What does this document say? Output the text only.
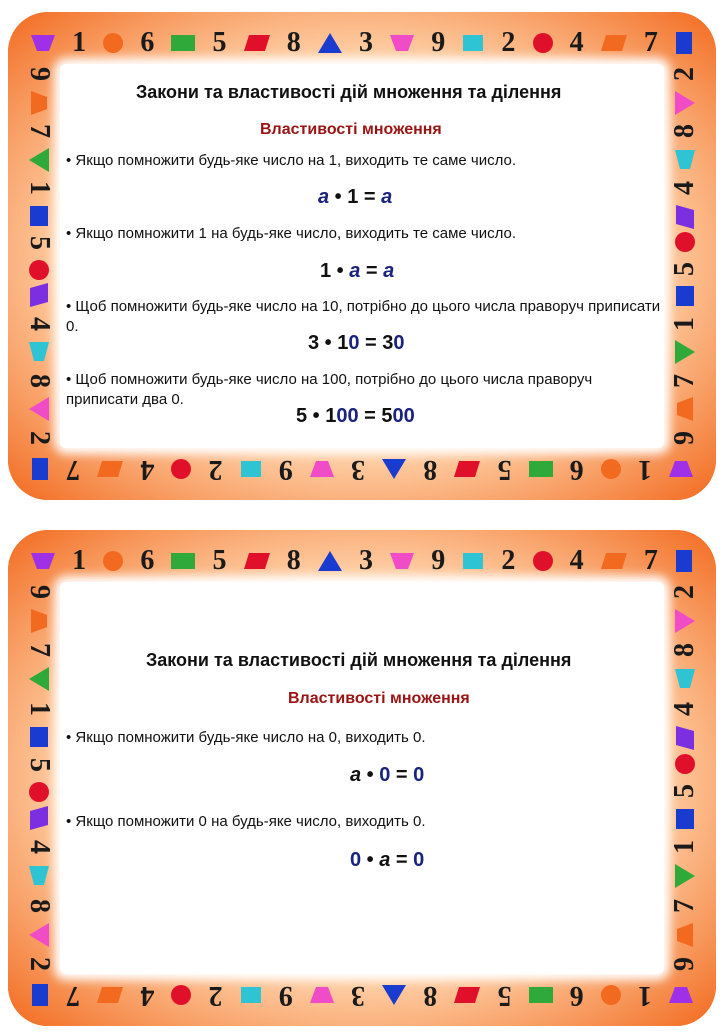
1 6 5 8 3 9 2 4 7
9
7
1
5
4
8
2
2
8
4
5
1
7
9
1
6
5
8
3
9
2
4
7
Закони та властивості дій множення та ділення
Властивості множення
• Якщо помножити будь-яке число на 1, виходить те саме число.
a • 1 = a
• Якщо помножити 1 на будь-яке число, виходить те саме число.
1 • a = a
• Щоб помножити будь-яке число на 10, потрібно до цього числа праворуч приписати 0.
3 • 10 = 30
• Щоб помножити будь-яке число на 100, потрібно до цього числа праворуч приписати два 0.
5 • 100 = 500
1 6 5 8 3 9 2 4 7
9
7
1
5
4
8
2
2
8
4
5
1
7
9
1
6
5
8
3
9
2
4
7
Закони та властивості дій множення та ділення
Властивості множення
• Якщо помножити будь-яке число на 0, виходить 0.
a • 0 = 0
• Якщо помножити 0 на будь-яке число, виходить 0.
0 • a = 0
